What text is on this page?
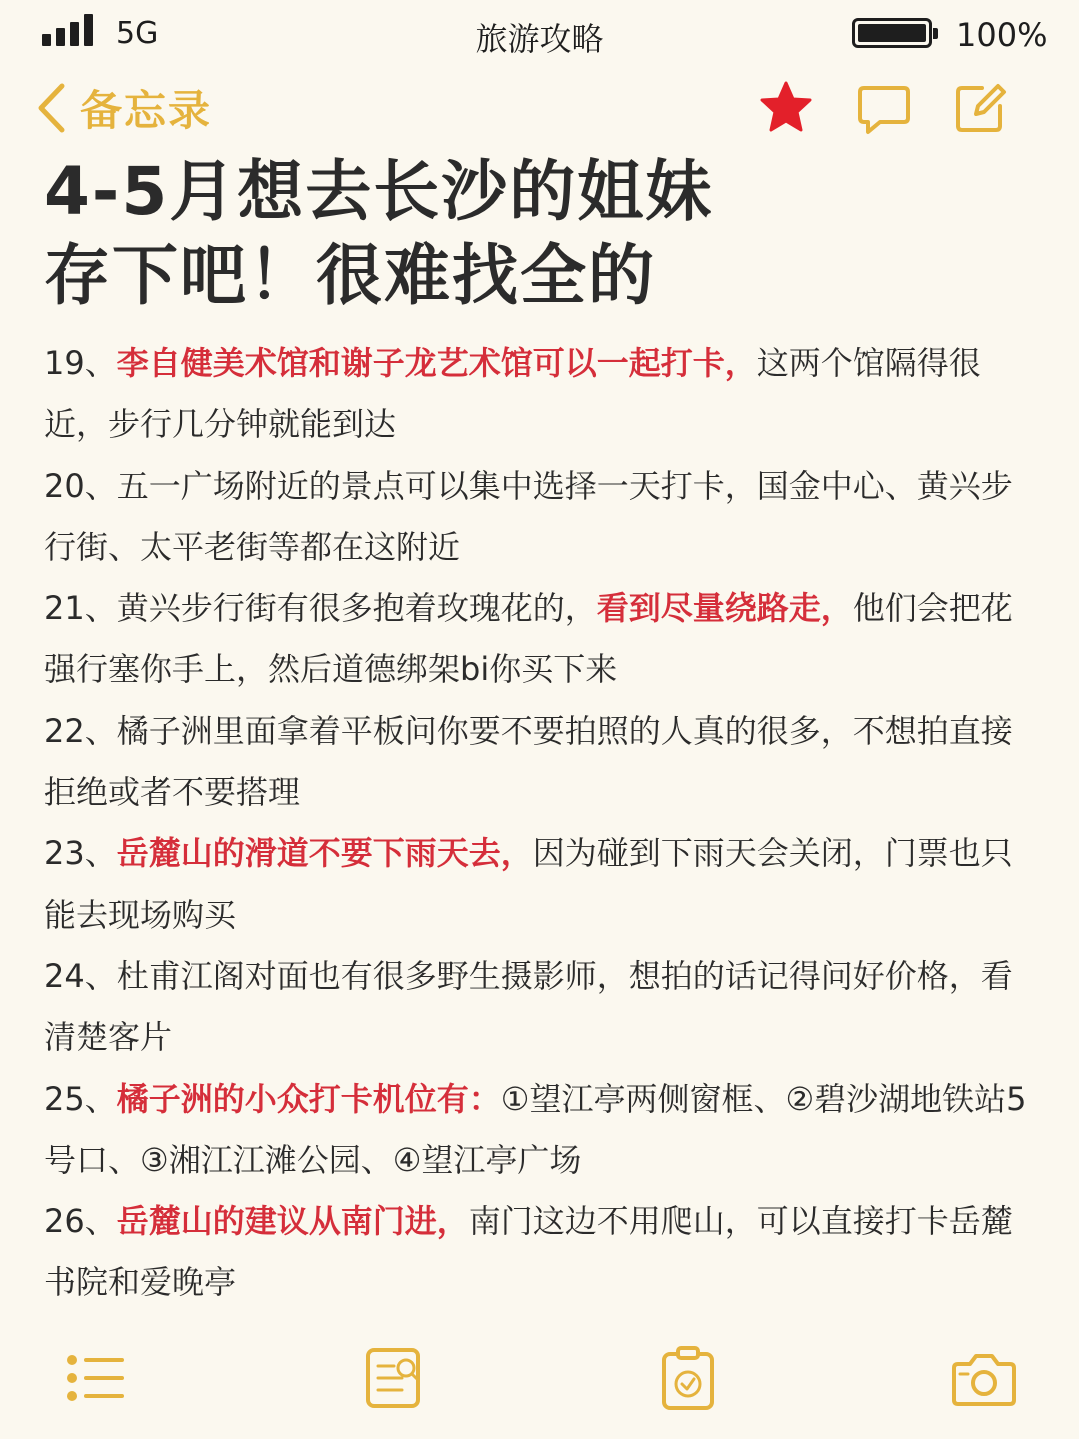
5G	旅游攻略	100%
备忘录
4-5月想去长沙的姐妹
存下吧！很难找全的

19、李自健美术馆和谢子龙艺术馆可以一起打卡，这两个馆隔得很近，步行几分钟就能到达

20、五一广场附近的景点可以集中选择一天打卡，国金中心、黄兴步行街、太平老街等都在这附近

21、黄兴步行街有很多抱着玫瑰花的，看到尽量绕路走，他们会把花强行塞你手上，然后道德绑架bi你买下来

22、橘子洲里面拿着平板问你要不要拍照的人真的很多，不想拍直接拒绝或者不要搭理

23、岳麓山的滑道不要下雨天去，因为碰到下雨天会关闭，门票也只能去现场购买

24、杜甫江阁对面也有很多野生摄影师，想拍的话记得问好价格，看清楚客片

25、橘子洲的小众打卡机位有：①望江亭两侧窗框、②碧沙湖地铁站5号口、③湘江江滩公园、④望江亭广场

26、岳麓山的建议从南门进，南门这边不用爬山，可以直接打卡岳麓书院和爱晚亭
